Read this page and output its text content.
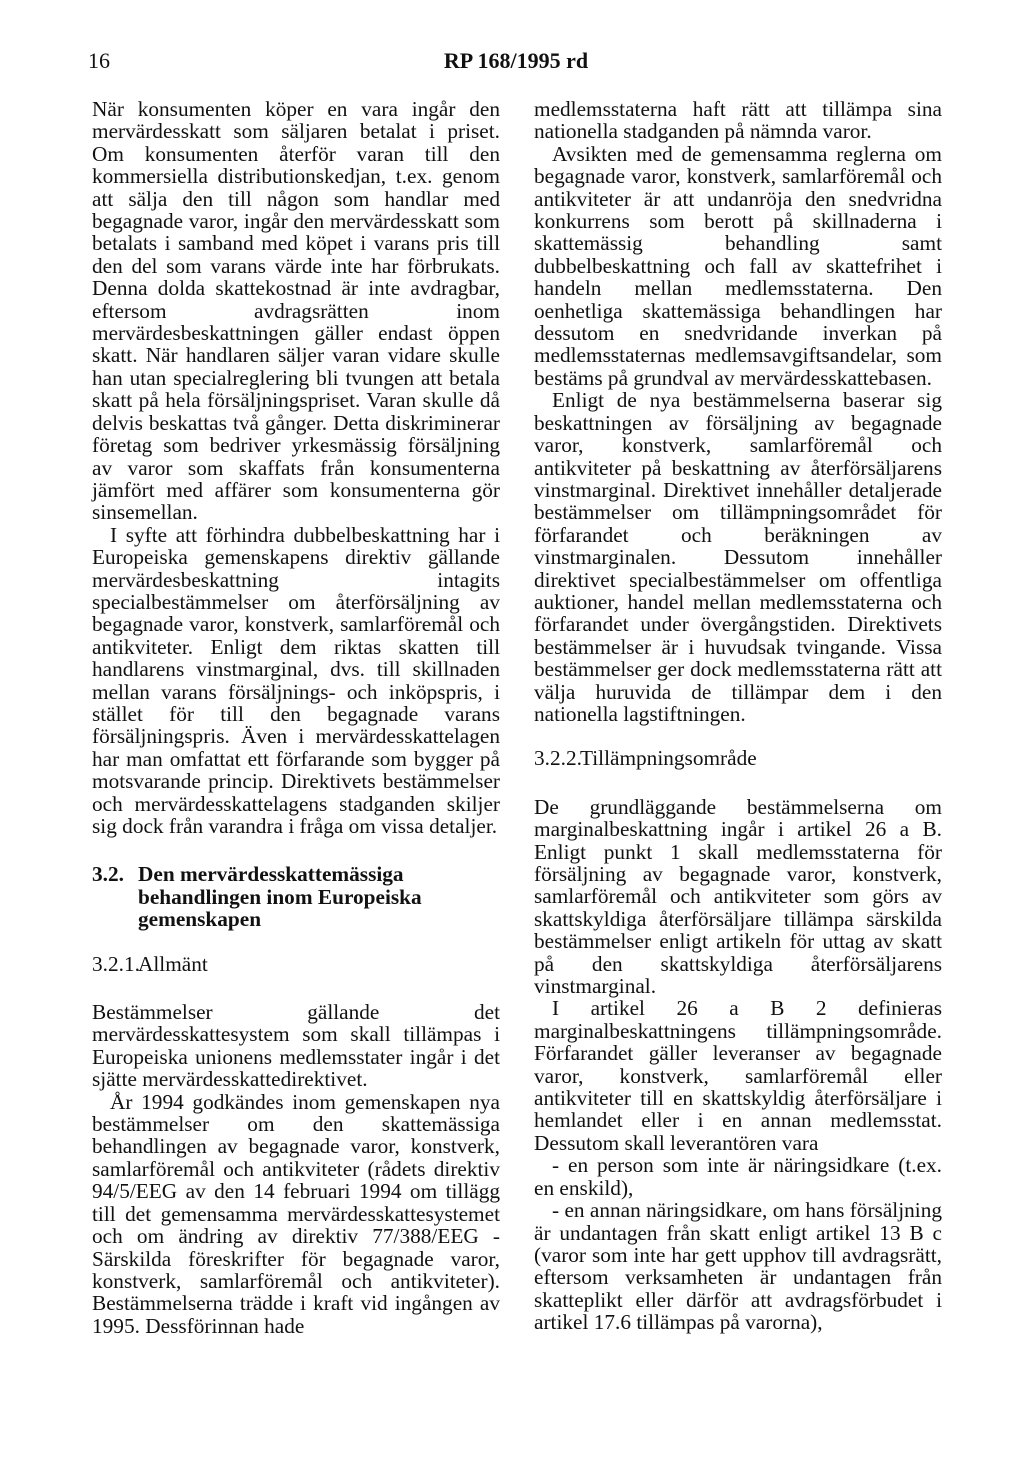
16	RP 168/1995 rd

När konsumenten köper en vara ingår den mervärdesskatt som säljaren betalat i priset. Om konsumenten återför varan till den kommersiella distributionskedjan, t.ex. genom att sälja den till någon som handlar med begagnade varor, ingår den mervärdesskatt som betalats i samband med köpet i varans pris till den del som varans värde inte har förbrukats. Denna dolda skattekostnad är inte avdragbar, eftersom avdragsrätten inom mervärdesbeskattningen gäller endast öppen skatt. När handlaren säljer varan vidare skulle han utan specialreglering bli tvungen att betala skatt på hela försäljningspriset. Varan skulle då delvis beskattas två gånger. Detta diskriminerar företag som bedriver yrkesmässig försäljning av varor som skaffats från konsumenterna jämfört med affärer som konsumenterna gör sinsemellan.

I syfte att förhindra dubbelbeskattning har i Europeiska gemenskapens direktiv gällande mervärdesbeskattning intagits specialbestämmelser om återförsäljning av begagnade varor, konstverk, samlarföremål och antikviteter. Enligt dem riktas skatten till handlarens vinstmarginal, dvs. till skillnaden mellan varans försäljnings- och inköpspris, i stället för till den begagnade varans försäljningspris. Även i mervärdesskattelagen har man omfattat ett förfarande som bygger på motsvarande princip. Direktivets bestämmelser och mervärdesskattelagens stadganden skiljer sig dock från varandra i fråga om vissa detaljer.

3.2. Den mervärdesskattemässiga behandlingen inom Europeiska gemenskapen
3.2.1.
Allmänt

Bestämmelser gällande det mervärdesskattesystem som skall tillämpas i Europeiska unionens medlemsstater ingår i det sjätte mervärdesskattedirektivet.

År 1994 godkändes inom gemenskapen nya bestämmelser om den skattemässiga behandlingen av begagnade varor, konstverk, samlarföremål och antikviteter (rådets direktiv 94/5/EEG av den 14 februari 1994 om tillägg till det gemensamma mervärdesskattesystemet och om ändring av direktiv 77/388/EEG - Särskilda föreskrifter för begagnade varor, konstverk, samlarföremål och antikviteter). Bestämmelserna trädde i kraft vid ingången av 1995. Dessförinnan hade

medlemsstaterna haft rätt att tillämpa sina nationella stadganden på nämnda varor.

Avsikten med de gemensamma reglerna om begagnade varor, konstverk, samlarföremål och antikviteter är att undanröja den snedvridna konkurrens som berott på skillnaderna i skattemässig behandling samt dubbelbeskattning och fall av skattefrihet i handeln mellan medlemsstaterna. Den oenhetliga skattemässiga behandlingen har dessutom en snedvridande inverkan på medlemsstaternas medlemsavgiftsandelar, som bestäms på grundval av mervärdesskattebasen.

Enligt de nya bestämmelserna baserar sig beskattningen av försäljning av begagnade varor, konstverk, samlarföremål och antikviteter på beskattning av återförsäljarens vinstmarginal. Direktivet innehåller detaljerade bestämmelser om tillämpningsområdet för förfarandet och beräkningen av vinstmarginalen. Dessutom innehåller direktivet specialbestämmelser om offentliga auktioner, handel mellan medlemsstaterna och förfarandet under övergångstiden. Direktivets bestämmelser är i huvudsak tvingande. Vissa bestämmelser ger dock medlemsstaterna rätt att välja huruvida de tillämpar dem i den nationella lagstiftningen.

3.2.2.
Tillämpningsområde

De grundläggande bestämmelserna om marginalbeskattning ingår i artikel 26 a B. Enligt punkt 1 skall medlemsstaterna för försäljning av begagnade varor, konstverk, samlarföremål och antikviteter som görs av skattskyldiga återförsäljare tillämpa särskilda bestämmelser enligt artikeln för uttag av skatt på den skattskyldiga återförsäljarens vinstmarginal.

I artikel 26 a B 2 definieras marginalbeskattningens tillämpningsområde. Förfarandet gäller leveranser av begagnade varor, konstverk, samlarföremål eller antikviteter till en skattskyldig återförsäljare i hemlandet eller i en annan medlemsstat. Dessutom skall leverantören vara

- en person som inte är näringsidkare (t.ex. en enskild),

- en annan näringsidkare, om hans försäljning är undantagen från skatt enligt artikel 13 B c (varor som inte har gett upphov till avdragsrätt, eftersom verksamheten är undantagen från skatteplikt eller därför att avdragsförbudet i artikel 17.6 tillämpas på varorna),
